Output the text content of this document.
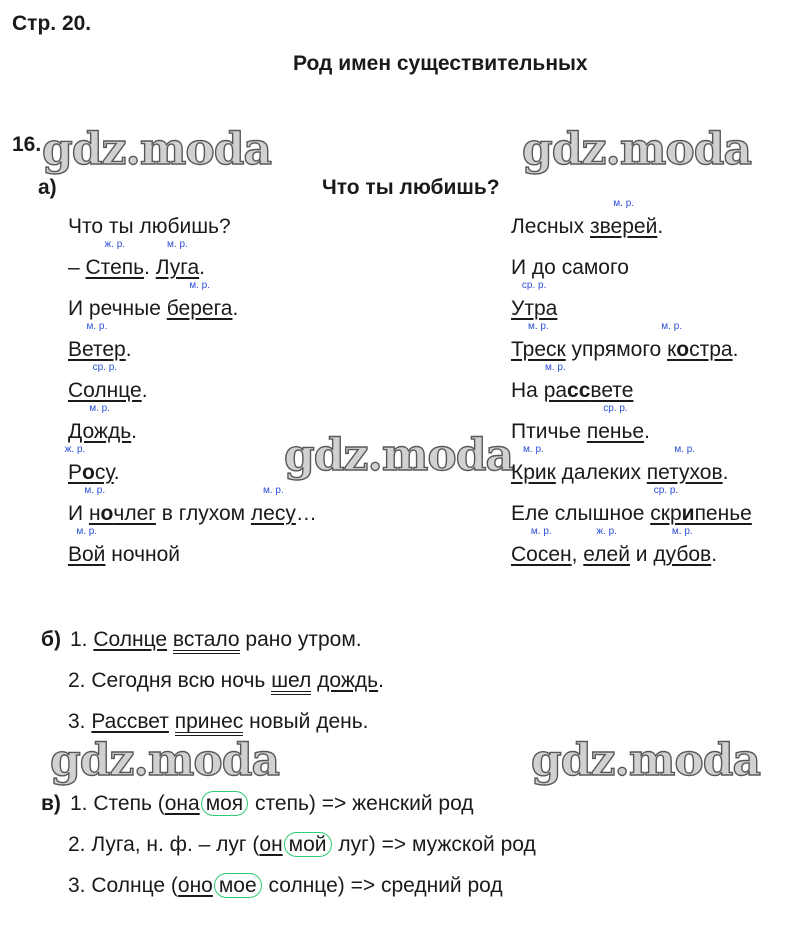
Стр. 20.
Род имен существительных
16. gdz.moda	gdz.moda
gdz.moda
gdz.moda	gdz.moda
а)	Что ты любишь?
Что ты любишь?
– Степь
ж. р.
. Луга
м. р.
.
И речные берега
м. р.
.
Ветер
м. р.
.
Солнце
ср. р.
.
Дождь
м. р.
.
Р
ж. р.
осу.
И н
м. р.
очлег в глухом лесу
м. р.
…
Вой
м. р.
ночной
Лесных зверей
м. р.
.
И до самого
Утра
ср. р.
Треск
м. р.
упрямого к
м. р.
остра.
На ра
м. р.
ссвете
Птичье пенье
ср. р.
.
Крик
м. р.
далеких петухов
м. р.
.
Еле слышное скр
ср. р.
ипенье
Сосен
м. р.
, елей
ж. р.
и дубов
м. р.
.
б) 1. Солнце встало рано утром.
2. Сегодня всю ночь шел дождь.
3. Рассвет принес новый день.
в) 1. Степь (она моя степь) => женский род
2. Луга, н. ф. – луг (он мой луг) => мужской род
3. Солнце (оно мое солнце) => средний род
